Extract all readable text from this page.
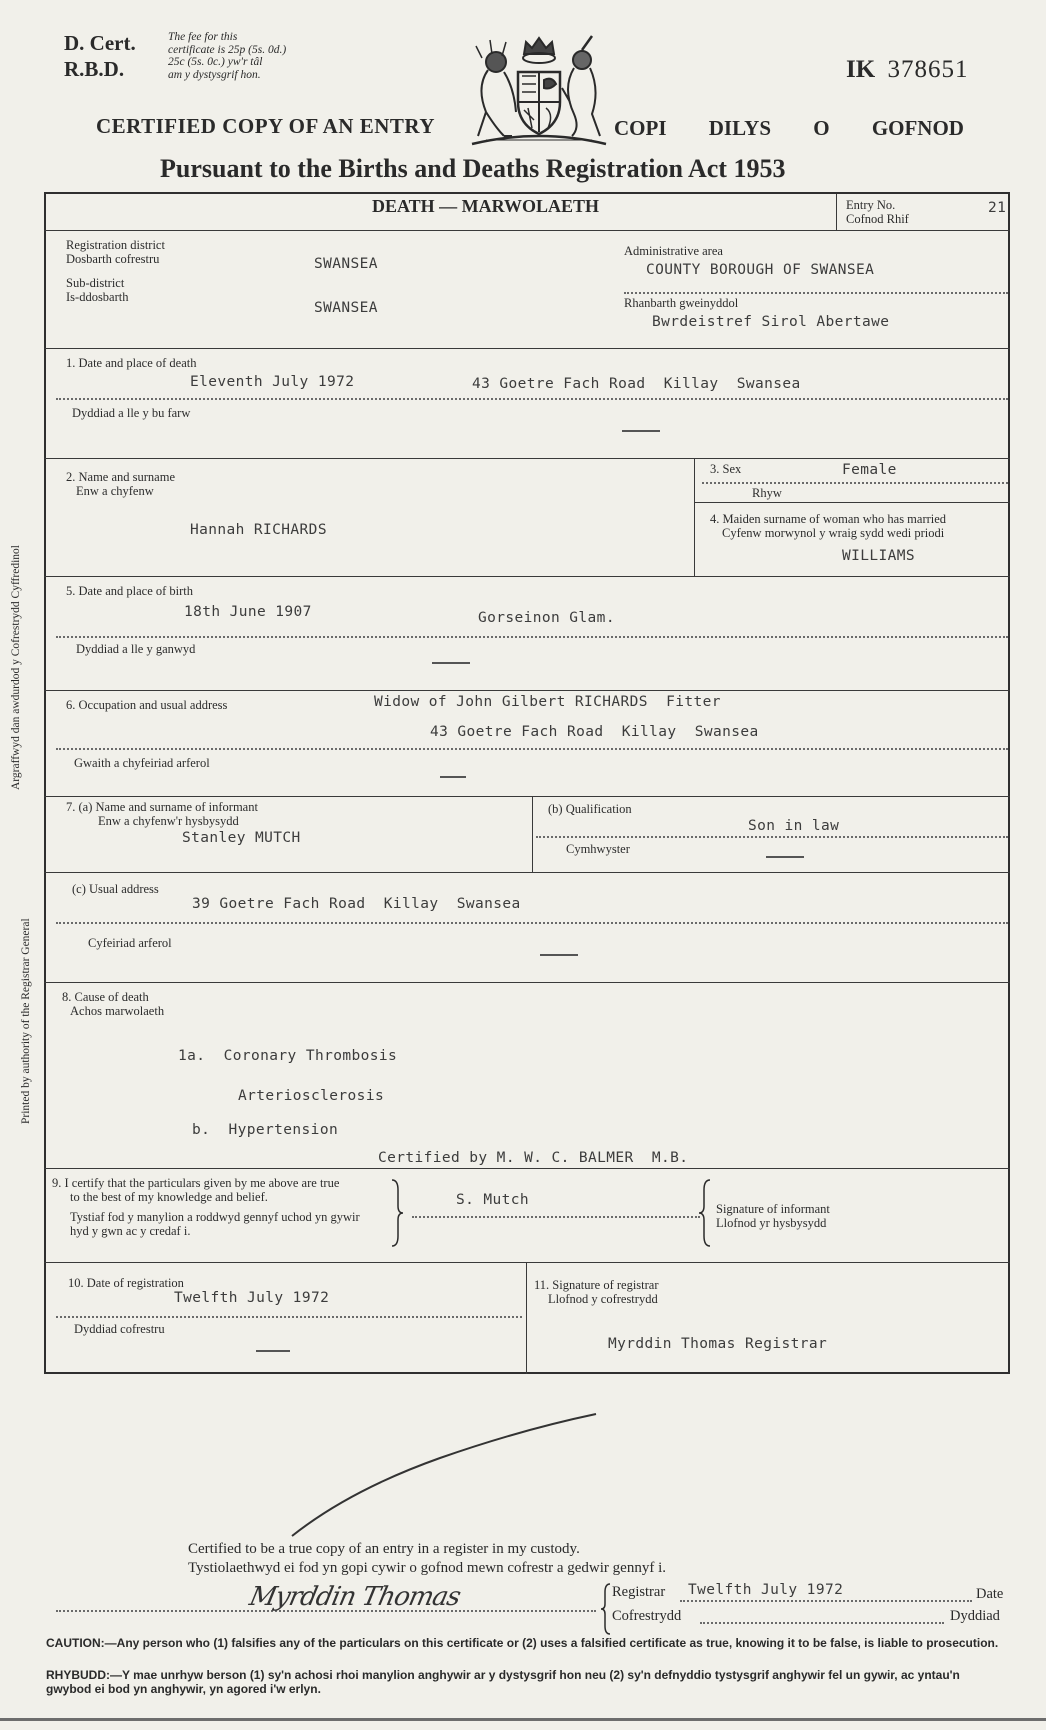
D. Cert.
R.B.D.
The fee for this
certificate is 25p (5s. 0d.)
25c (5s. 0c.) yw'r tâl
am y dystysgrif hon.	IK 378651
CERTIFIED COPY OF AN ENTRY	COPI DILYS O GOFNOD
Pursuant to the Births and Deaths Registration Act 1953
Printed by authority of the Registrar General
Argraffwyd dan awdurdod y Cofrestrydd Cyffredinol
DEATH — MARWOLAETH	Entry No.
Cofnod Rhif
21
Registration district
Dosbarth cofrestru	SWANSEA
Sub-district
Is-ddosbarth
SWANSEA
Administrative area
COUNTY BOROUGH OF SWANSEA
Rhanbarth gweinyddol
Bwrdeistref Sirol Abertawe
1. Date and place of death
Eleventh July 1972	43 Goetre Fach Road  Killay  Swansea
Dyddiad a lle y bu farw
2. Name and surname
Enw a chyfenw
Hannah RICHARDS
3. Sex	Female
Rhyw
4. Maiden surname of woman who has married
Cyfenw morwynol y wraig sydd wedi priodi
WILLIAMS
5. Date and place of birth
18th June 1907	Gorseinon Glam.
Dyddiad a lle y ganwyd
6. Occupation and usual address	Widow of John Gilbert RICHARDS  Fitter
43 Goetre Fach Road  Killay  Swansea
Gwaith a chyfeiriad arferol
7. (a) Name and surname of informant
Enw a chyfenw'r hysbysydd
Stanley MUTCH
(b) Qualification
Son in law
Cymhwyster
(c) Usual address
39 Goetre Fach Road  Killay  Swansea
Cyfeiriad arferol
8. Cause of death
Achos marwolaeth
1a.  Coronary Thrombosis
Arteriosclerosis
b.  Hypertension
Certified by M. W. C. BALMER  M.B.
9. I certify that the particulars given by me above are true
to the best of my knowledge and belief.
Tystiaf fod y manylion a roddwyd gennyf uchod yn gywir
hyd y gwn ac y credaf i.
S. Mutch
Signature of informant
Llofnod yr hysbysydd
10. Date of registration
Twelfth July 1972
Dyddiad cofrestru
11. Signature of registrar
Llofnod y cofrestrydd
Myrddin Thomas Registrar
Certified to be a true copy of an entry in a register in my custody.
Tystiolaethwyd ei fod yn gopi cywir o gofnod mewn cofrestr a gedwir gennyf i.
Myrddin Thomas	Registrar Twelfth July 1972	Date
Cofrestrydd	Dyddiad
CAUTION:—Any person who (1) falsifies any of the particulars on this certificate or (2) uses a falsified certificate as true, knowing it to be false, is liable to prosecution.
RHYBUDD:—Y mae unrhyw berson (1) sy'n achosi rhoi manylion anghywir ar y dystysgrif hon neu (2) sy'n defnyddio tystysgrif anghywir fel un gywir, ac yntau'n gwybod ei bod yn anghywir, yn agored i'w erlyn.
